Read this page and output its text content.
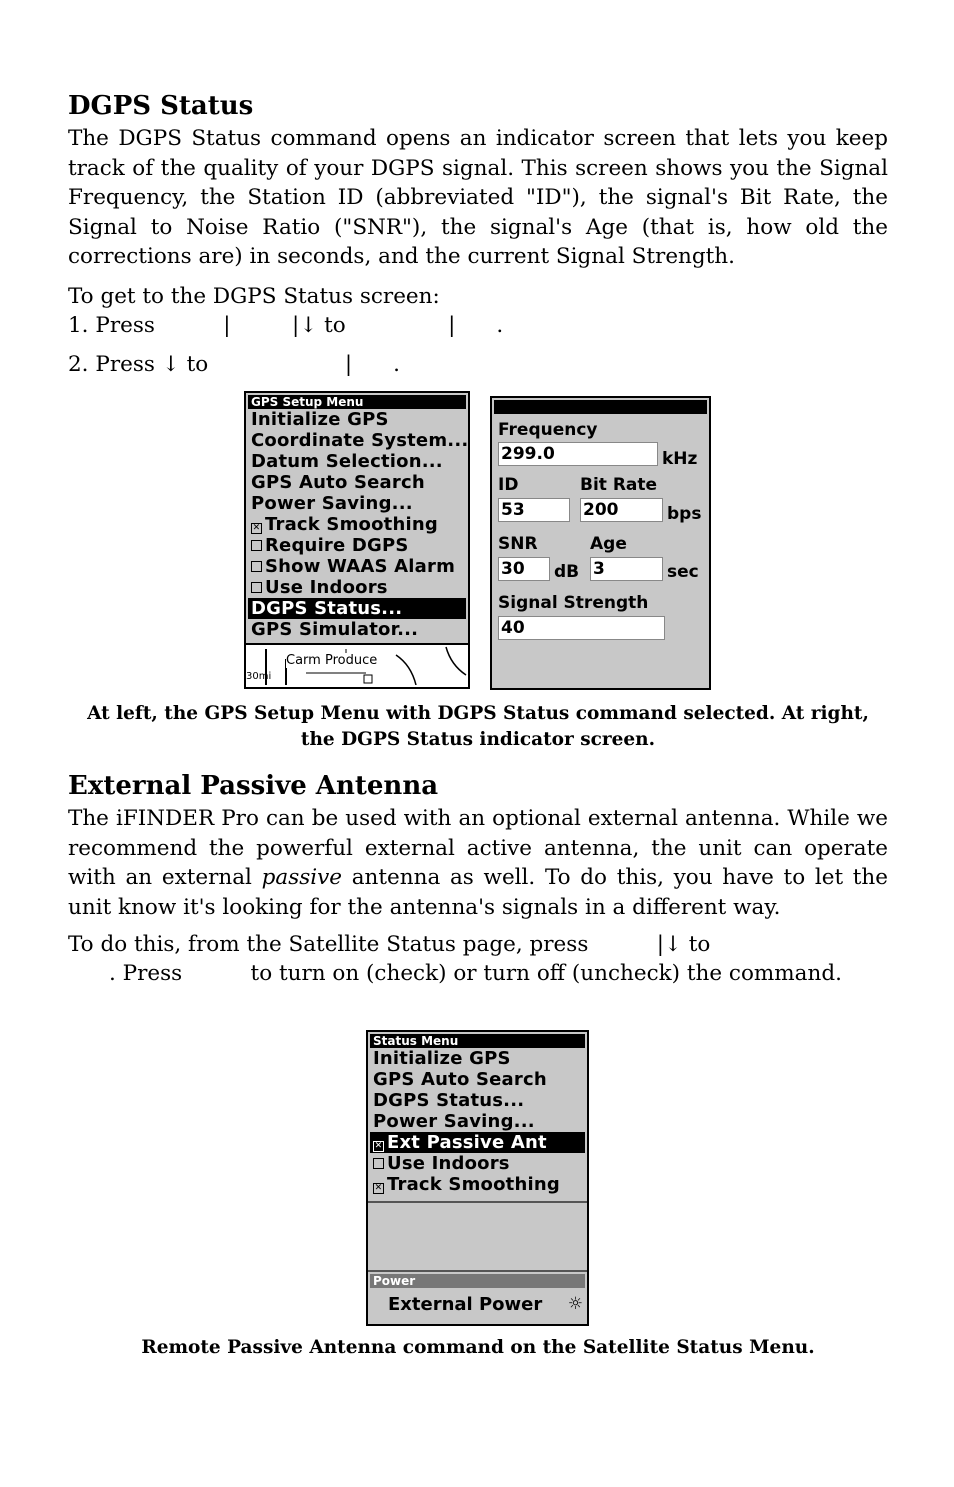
DGPS Status

The DGPS Status command opens an indicator screen that lets you keep track of the quality of your DGPS signal. This screen shows you the Signal Frequency, the Station ID (abbreviated "ID"), the signal's Bit Rate, the Signal to Noise Ratio ("SNR"), the signal's Age (that is, how old the corrections are) in seconds, and the current Signal Strength.

To get to the DGPS Status screen:

1. Press          |         |↓ to               |      .

2. Press ↓ to                    |      .

GPS Setup Menu
Initialize GPS
Coordinate System...
Datum Selection...
GPS Auto Search
Power Saving...
✕ Track Smoothing
Require DGPS
Show WAAS Alarm
Use Indoors
DGPS Status...
GPS Simulator...
Carm Produce
30mi
Frequency
299.0	kHz
ID	Bit Rate
53	200	bps
SNR	Age
30	dB 3	sec
Signal Strength
40

At left, the GPS Setup Menu with DGPS Status command selected. At right, the DGPS Status indicator screen.

External Passive Antenna

The iFINDER Pro can be used with an optional external antenna. While we recommend the powerful external active antenna, the unit can operate with an external passive antenna as well. To do this, you have to let the unit know it's looking for the antenna's signals in a different way.

To do this, from the Satellite Status page, press          |↓ to

. Press          to turn on (check) or turn off (uncheck) the command.

Status Menu
Initialize GPS
GPS Auto Search
DGPS Status...
Power Saving...
✕ Ext Passive Ant
Use Indoors
✕ Track Smoothing
Power
External Power ☼

Remote Passive Antenna command on the Satellite Status Menu.
